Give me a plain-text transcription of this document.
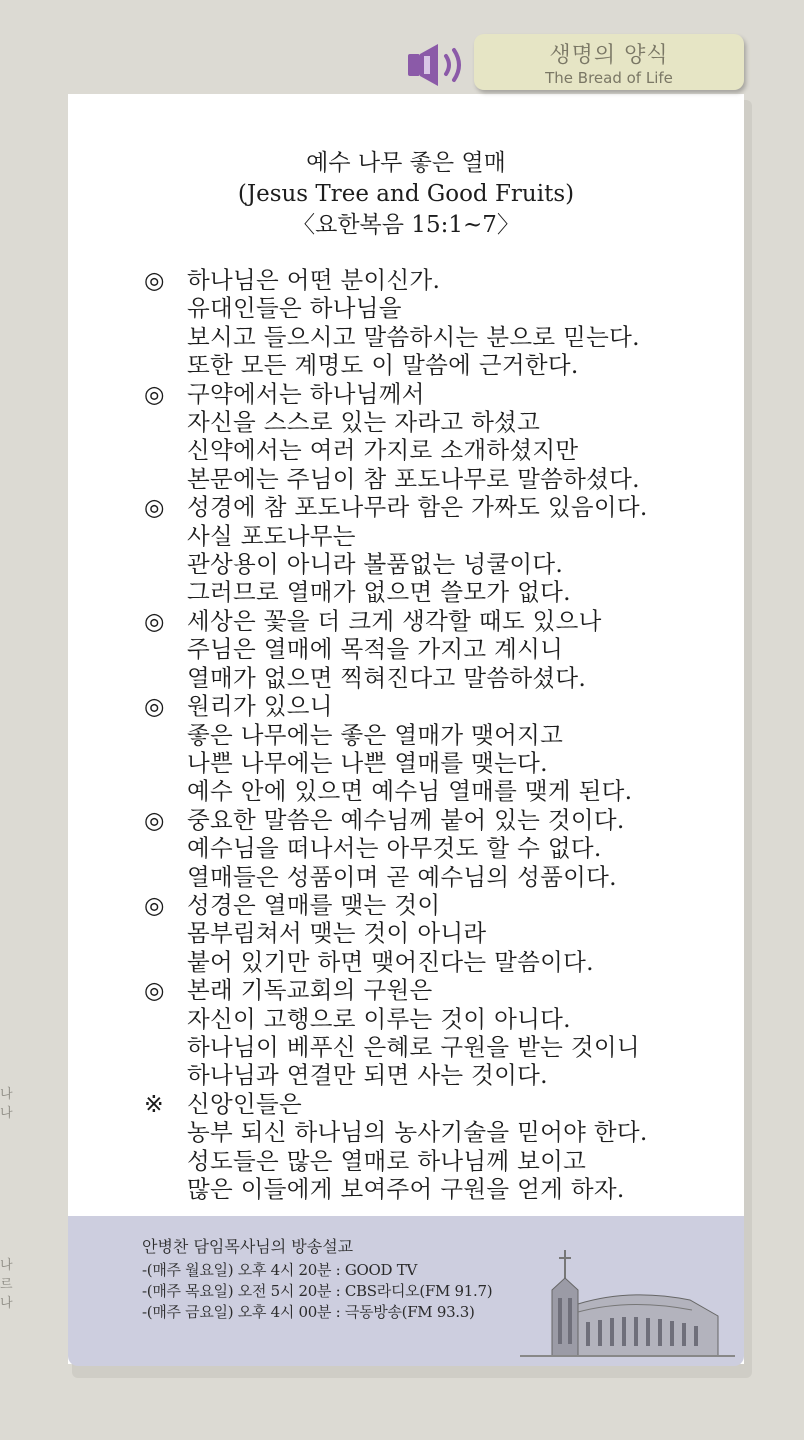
생명의 양식
The Bread of Life
예수 나무 좋은 열매
(Jesus Tree and Good Fruits)
〈요한복음 15:1~7〉
◎ 하나님은 어떤 분이신가.
유대인들은 하나님을
보시고 들으시고 말씀하시는 분으로 믿는다.
또한 모든 계명도 이 말씀에 근거한다.
◎ 구약에서는 하나님께서
자신을 스스로 있는 자라고 하셨고
신약에서는 여러 가지로 소개하셨지만
본문에는 주님이 참 포도나무로 말씀하셨다.
◎ 성경에 참 포도나무라 함은 가짜도 있음이다.
사실 포도나무는
관상용이 아니라 볼품없는 넝쿨이다.
그러므로 열매가 없으면 쓸모가 없다.
◎ 세상은 꽃을 더 크게 생각할 때도 있으나
주님은 열매에 목적을 가지고 계시니
열매가 없으면 찍혀진다고 말씀하셨다.
◎ 원리가 있으니
좋은 나무에는 좋은 열매가 맺어지고
나쁜 나무에는 나쁜 열매를 맺는다.
예수 안에 있으면 예수님 열매를 맺게 된다.
◎ 중요한 말씀은 예수님께 붙어 있는 것이다.
예수님을 떠나서는 아무것도 할 수 없다.
열매들은 성품이며 곧 예수님의 성품이다.
◎ 성경은 열매를 맺는 것이
몸부림쳐서 맺는 것이 아니라
붙어 있기만 하면 맺어진다는 말씀이다.
◎ 본래 기독교회의 구원은
자신이 고행으로 이루는 것이 아니다.
하나님이 베푸신 은혜로 구원을 받는 것이니
하나님과 연결만 되면 사는 것이다.
※ 신앙인들은
농부 되신 하나님의 농사기술을 믿어야 한다.
성도들은 많은 열매로 하나님께 보이고
많은 이들에게 보여주어 구원을 얻게 하자.
안병찬 담임목사님의 방송설교
-(매주 월요일) 오후 4시 20분 : GOOD TV
-(매주 목요일) 오전 5시 20분 : CBS라디오(FM 91.7)
-(매주 금요일) 오후 4시 00분 : 극동방송(FM 93.3)
나
나

나
르
나
